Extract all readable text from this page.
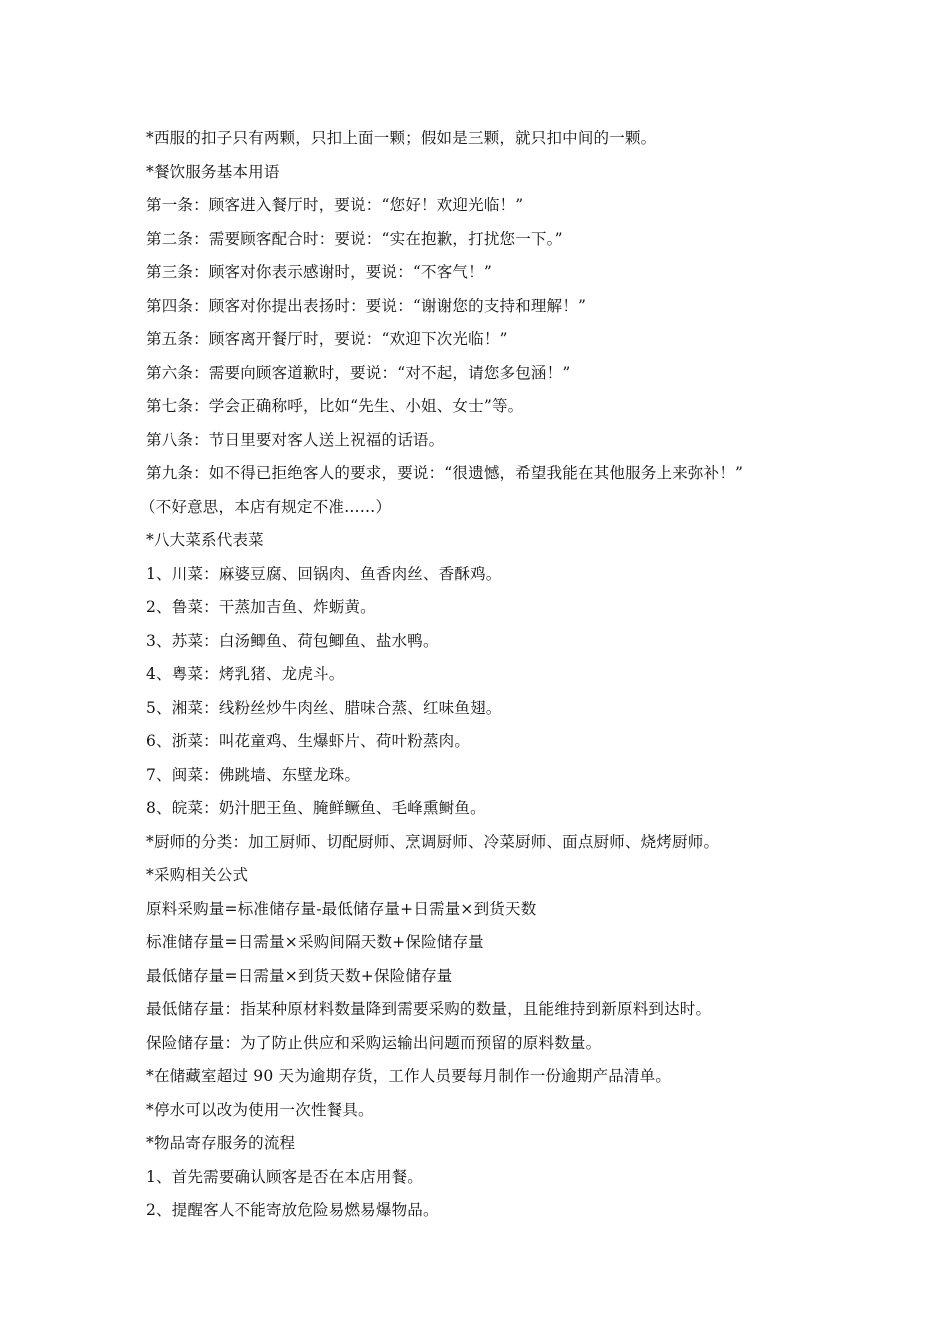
*西服的扣子只有两颗，只扣上面一颗；假如是三颗，就只扣中间的一颗。
*餐饮服务基本用语
第一条：顾客进入餐厅时，要说：“您好！欢迎光临！”
第二条：需要顾客配合时：要说：“实在抱歉，打扰您一下。”
第三条：顾客对你表示感谢时，要说：“不客气！”
第四条：顾客对你提出表扬时：要说：“谢谢您的支持和理解！”
第五条：顾客离开餐厅时，要说：“欢迎下次光临！”
第六条：需要向顾客道歉时，要说：“对不起，请您多包涵！”
第七条：学会正确称呼，比如“先生、小姐、女士”等。
第八条：节日里要对客人送上祝福的话语。
第九条：如不得已拒绝客人的要求，要说：“很遗憾，希望我能在其他服务上来弥补！”
（不好意思，本店有规定不准……）
*八大菜系代表菜
1、川菜：麻婆豆腐、回锅肉、鱼香肉丝、香酥鸡。
2、鲁菜：干蒸加吉鱼、炸蛎黄。
3、苏菜：白汤鲫鱼、荷包鲫鱼、盐水鸭。
4、粤菜：烤乳猪、龙虎斗。
5、湘菜：线粉丝炒牛肉丝、腊味合蒸、红味鱼翅。
6、浙菜：叫花童鸡、生爆虾片、荷叶粉蒸肉。
7、闽菜：佛跳墙、东壁龙珠。
8、皖菜：奶汁肥王鱼、腌鲜鳜鱼、毛峰熏鲥鱼。
*厨师的分类：加工厨师、切配厨师、烹调厨师、冷菜厨师、面点厨师、烧烤厨师。
*采购相关公式
原料采购量=标准储存量-最低储存量+日需量×到货天数
标准储存量=日需量×采购间隔天数+保险储存量
最低储存量=日需量×到货天数+保险储存量
最低储存量：指某种原材料数量降到需要采购的数量，且能维持到新原料到达时。
保险储存量：为了防止供应和采购运输出问题而预留的原料数量。
*在储藏室超过 90 天为逾期存货，工作人员要每月制作一份逾期产品清单。
*停水可以改为使用一次性餐具。
*物品寄存服务的流程
1、首先需要确认顾客是否在本店用餐。
2、提醒客人不能寄放危险易燃易爆物品。
